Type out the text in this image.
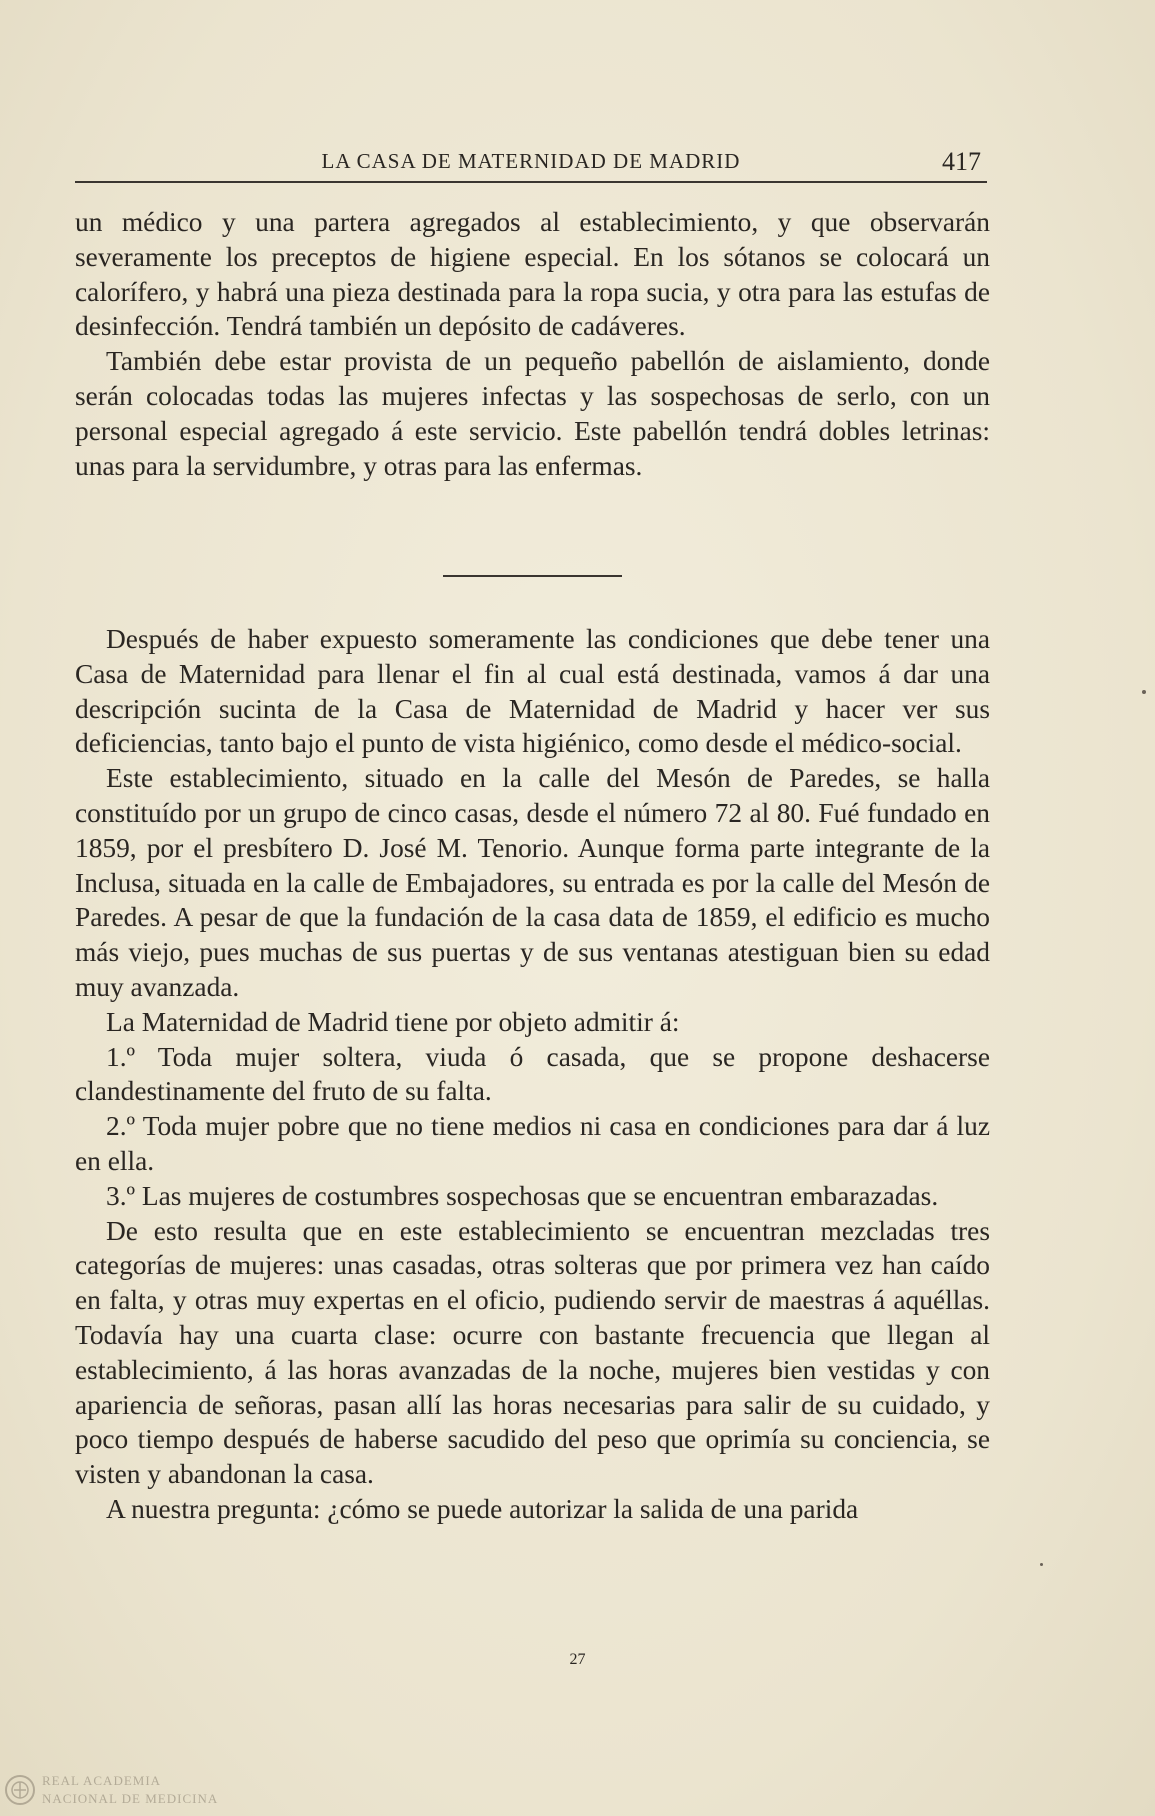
LA CASA DE MATERNIDAD DE MADRID	417

un médico y una partera agregados al establecimiento, y que observarán severamente los preceptos de higiene especial. En los sótanos se colocará un calorífero, y habrá una pieza destinada para la ropa sucia, y otra para las estufas de desinfección. Tendrá también un depósito de cadáveres.

También debe estar provista de un pequeño pabellón de aislamiento, donde serán colocadas todas las mujeres infectas y las sospechosas de serlo, con un personal especial agregado á este servicio. Este pabellón tendrá dobles letrinas: unas para la servidumbre, y otras para las enfermas.

Después de haber expuesto someramente las condiciones que debe tener una Casa de Maternidad para llenar el fin al cual está destinada, vamos á dar una descripción sucinta de la Casa de Maternidad de Madrid y hacer ver sus deficiencias, tanto bajo el punto de vista higiénico, como desde el médico-social.

Este establecimiento, situado en la calle del Mesón de Paredes, se halla constituído por un grupo de cinco casas, desde el número 72 al 80. Fué fundado en 1859, por el presbítero D. José M. Tenorio. Aunque forma parte integrante de la Inclusa, situada en la calle de Embajadores, su entrada es por la calle del Mesón de Paredes. A pesar de que la fundación de la casa data de 1859, el edificio es mucho más viejo, pues muchas de sus puertas y de sus ventanas atestiguan bien su edad muy avanzada.

La Maternidad de Madrid tiene por objeto admitir á:

1.º Toda mujer soltera, viuda ó casada, que se propone deshacerse clandestinamente del fruto de su falta.

2.º Toda mujer pobre que no tiene medios ni casa en condiciones para dar á luz en ella.

3.º Las mujeres de costumbres sospechosas que se encuentran embarazadas.

De esto resulta que en este establecimiento se encuentran mezcladas tres categorías de mujeres: unas casadas, otras solteras que por primera vez han caído en falta, y otras muy expertas en el oficio, pudiendo servir de maestras á aquéllas. Todavía hay una cuarta clase: ocurre con bastante frecuencia que llegan al establecimiento, á las horas avanzadas de la noche, mujeres bien vestidas y con apariencia de señoras, pasan allí las horas necesarias para salir de su cuidado, y poco tiempo después de haberse sacudido del peso que oprimía su conciencia, se visten y abandonan la casa.

A nuestra pregunta: ¿cómo se puede autorizar la salida de una parida

27
REAL ACADEMIA
NACIONAL DE MEDICINA
